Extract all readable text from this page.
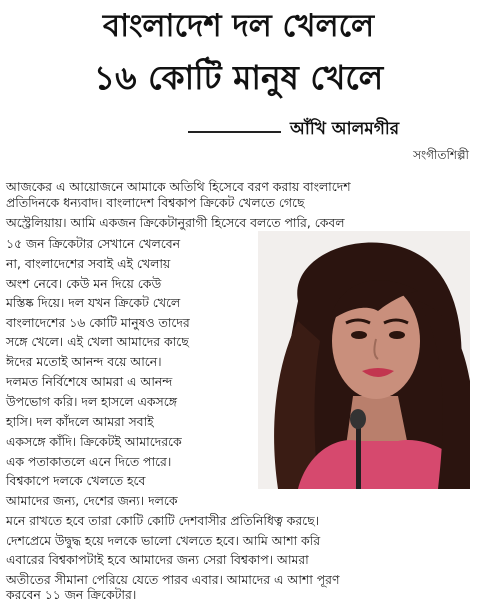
বাংলাদেশ দল খেললে
১৬ কোটি মানুষ খেলে
আঁখি আলমগীর
সংগীতশিল্পী
আজকের এ আয়োজনে আমাকে অতিথি হিসেবে বরণ করায় বাংলাদেশ
প্রতিদিনকে ধন্যবাদ। বাংলাদেশ বিশ্বকাপ ক্রিকেট খেলতে গেছে
অস্ট্রেলিয়ায়। আমি একজন ক্রিকেটানুরাগী হিসেবে বলতে পারি, কেবল
১৫ জন ক্রিকেটার সেখানে খেলবেন
না, বাংলাদেশের সবাই এই খেলায়
অংশ নেবে। কেউ মন দিয়ে কেউ
মস্তিষ্ক দিয়ে। দল যখন ক্রিকেট খেলে
বাংলাদেশের ১৬ কোটি মানুষও তাদের
সঙ্গে খেলে। এই খেলা আমাদের কাছে
ঈদের মতোই আনন্দ বয়ে আনে।
দলমত নির্বিশেষে আমরা এ আনন্দ
উপভোগ করি। দল হাসলে একসঙ্গে
হাসি। দল কাঁদলে আমরা সবাই
একসঙ্গে কাঁদি। ক্রিকেটই আমাদেরকে
এক পতাকাতলে এনে দিতে পারে।
বিশ্বকাপে দলকে খেলতে হবে
আমাদের জন্য, দেশের জন্য। দলকে
মনে রাখতে হবে তারা কোটি কোটি দেশবাসীর প্রতিনিধিত্ব করছে।
দেশপ্রেমে উদ্বুদ্ধ হয়ে দলকে ভালো খেলতে হবে। আমি আশা করি
এবারের বিশ্বকাপটাই হবে আমাদের জন্য সেরা বিশ্বকাপ। আমরা
অতীতের সীমানা পেরিয়ে যেতে পারব এবার। আমাদের এ আশা পূরণ
করবেন ১১ জন ক্রিকেটার।
